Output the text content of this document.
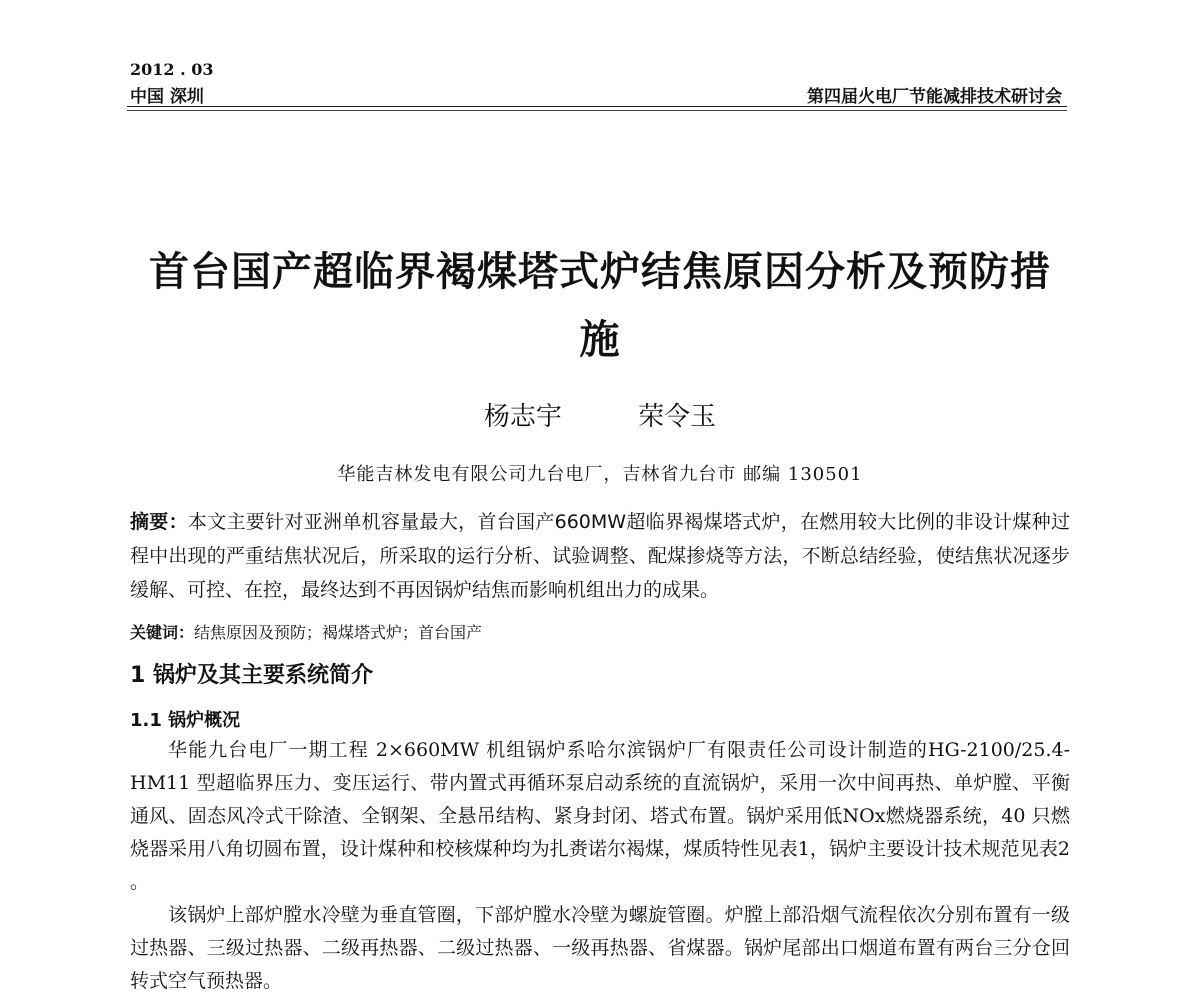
2012 . 03
中国 深圳	第四届火电厂节能减排技术研讨会
首台国产超临界褐煤塔式炉结焦原因分析及预防措施
杨志宇	荣令玉
华能吉林发电有限公司九台电厂，吉林省九台市 邮编 130501
摘要：本文主要针对亚洲单机容量最大，首台国产660MW超临界褐煤塔式炉，在燃用较大比例的非设计煤种过程中出现的严重结焦状况后，所采取的运行分析、试验调整、配煤掺烧等方法，不断总结经验，使结焦状况逐步缓解、可控、在控，最终达到不再因锅炉结焦而影响机组出力的成果。
关键词：结焦原因及预防；褐煤塔式炉；首台国产
1 锅炉及其主要系统简介
1.1 锅炉概况

华能九台电厂一期工程 2×660MW 机组锅炉系哈尔滨锅炉厂有限责任公司设计制造的HG-2100/25.4-HM11 型超临界压力、变压运行、带内置式再循环泵启动系统的直流锅炉，采用一次中间再热、单炉膛、平衡通风、固态风冷式干除渣、全钢架、全悬吊结构、紧身封闭、塔式布置。锅炉采用低NOx燃烧器系统，40 只燃烧器采用八角切圆布置，设计煤种和校核煤种均为扎赉诺尔褐煤，煤质特性见表1，锅炉主要设计技术规范见表2 。

该锅炉上部炉膛水冷壁为垂直管圈，下部炉膛水冷壁为螺旋管圈。炉膛上部沿烟气流程依次分别布置有一级过热器、三级过热器、二级再热器、二级过热器、一级再热器、省煤器。锅炉尾部出口烟道布置有两台三分仓回转式空气预热器。
